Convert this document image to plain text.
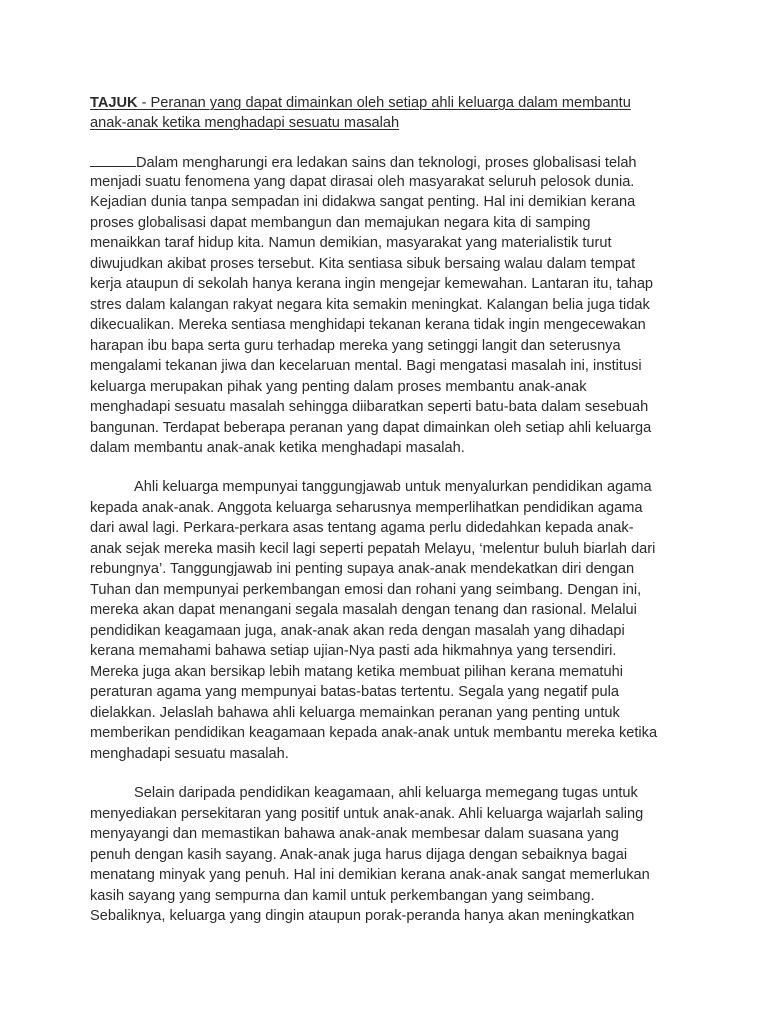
TAJUK - Peranan yang dapat dimainkan oleh setiap ahli keluarga dalam membantu
anak-anak ketika menghadapi sesuatu masalah
Dalam mengharungi era ledakan sains dan teknologi, proses globalisasi telah
menjadi suatu fenomena yang dapat dirasai oleh masyarakat seluruh pelosok dunia.
Kejadian dunia tanpa sempadan ini didakwa sangat penting. Hal ini demikian kerana
proses globalisasi dapat membangun dan memajukan negara kita di samping
menaikkan taraf hidup kita. Namun demikian, masyarakat yang materialistik turut
diwujudkan akibat proses tersebut. Kita sentiasa sibuk bersaing walau dalam tempat
kerja ataupun di sekolah hanya kerana ingin mengejar kemewahan. Lantaran itu, tahap
stres dalam kalangan rakyat negara kita semakin meningkat. Kalangan belia juga tidak
dikecualikan. Mereka sentiasa menghidapi tekanan kerana tidak ingin mengecewakan
harapan ibu bapa serta guru terhadap mereka yang setinggi langit dan seterusnya
mengalami tekanan jiwa dan kecelaruan mental. Bagi mengatasi masalah ini, institusi
keluarga merupakan pihak yang penting dalam proses membantu anak-anak
menghadapi sesuatu masalah sehingga diibaratkan seperti batu-bata dalam sesebuah
bangunan. Terdapat beberapa peranan yang dapat dimainkan oleh setiap ahli keluarga
dalam membantu anak-anak ketika menghadapi masalah.
Ahli keluarga mempunyai tanggungjawab untuk menyalurkan pendidikan agama
kepada anak-anak. Anggota keluarga seharusnya memperlihatkan pendidikan agama
dari awal lagi. Perkara-perkara asas tentang agama perlu didedahkan kepada anak-
anak sejak mereka masih kecil lagi seperti pepatah Melayu, ‘melentur buluh biarlah dari
rebungnya’. Tanggungjawab ini penting supaya anak-anak mendekatkan diri dengan
Tuhan dan mempunyai perkembangan emosi dan rohani yang seimbang. Dengan ini,
mereka akan dapat menangani segala masalah dengan tenang dan rasional. Melalui
pendidikan keagamaan juga, anak-anak akan reda dengan masalah yang dihadapi
kerana memahami bahawa setiap ujian-Nya pasti ada hikmahnya yang tersendiri.
Mereka juga akan bersikap lebih matang ketika membuat pilihan kerana mematuhi
peraturan agama yang mempunyai batas-batas tertentu. Segala yang negatif pula
dielakkan. Jelaslah bahawa ahli keluarga memainkan peranan yang penting untuk
memberikan pendidikan keagamaan kepada anak-anak untuk membantu mereka ketika
menghadapi sesuatu masalah.
Selain daripada pendidikan keagamaan, ahli keluarga memegang tugas untuk
menyediakan persekitaran yang positif untuk anak-anak. Ahli keluarga wajarlah saling
menyayangi dan memastikan bahawa anak-anak membesar dalam suasana yang
penuh dengan kasih sayang. Anak-anak juga harus dijaga dengan sebaiknya bagai
menatang minyak yang penuh. Hal ini demikian kerana anak-anak sangat memerlukan
kasih sayang yang sempurna dan kamil untuk perkembangan yang seimbang.
Sebaliknya, keluarga yang dingin ataupun porak-peranda hanya akan meningkatkan
